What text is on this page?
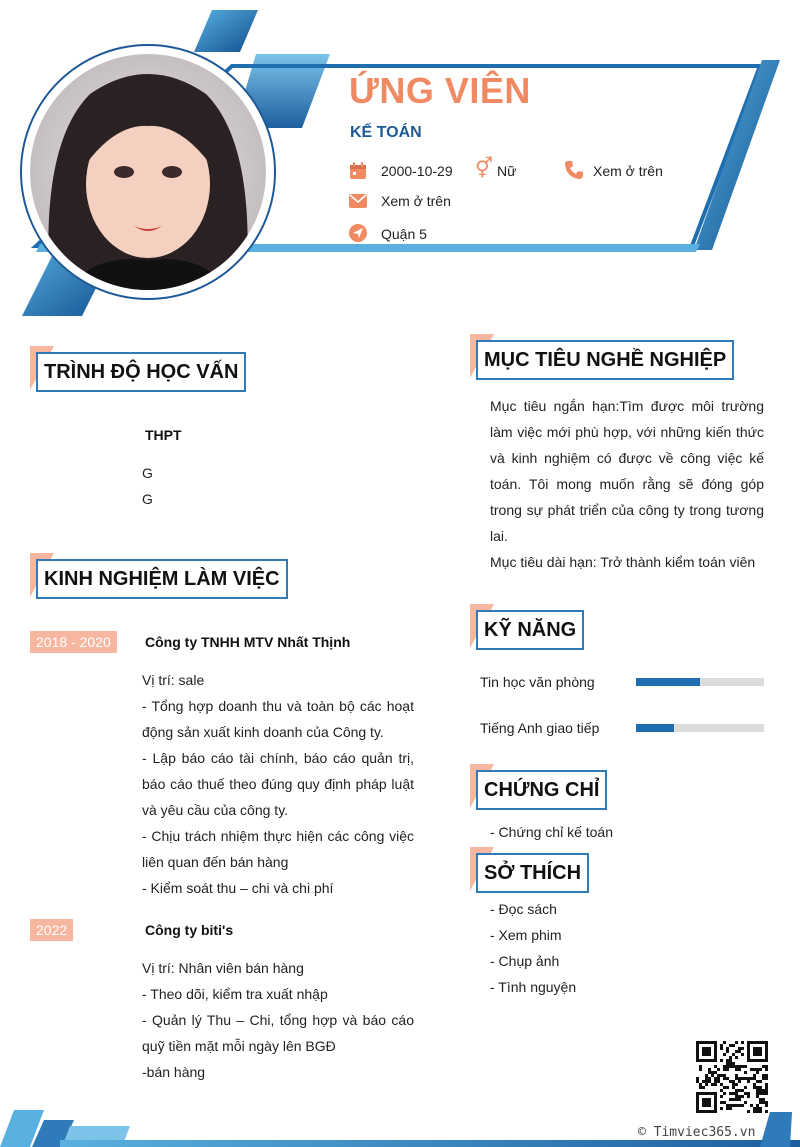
ỨNG VIÊN
KẾ TOÁN
2000-10-29 ⚥ Nữ	Xem ở trên
Xem ở trên
Quận 5
TRÌNH ĐỘ HỌC VẤN
THPT
G
G
KINH NGHIỆM LÀM VIỆC
2018 - 2020	Công ty TNHH MTV Nhất Thịnh
Vị trí: sale
- Tổng hợp doanh thu và toàn bộ các hoạt động sản xuất kinh doanh của Công ty.
- Lập báo cáo tài chính, báo cáo quản trị, báo cáo thuế theo đúng quy định pháp luật và yêu cầu của công ty.
- Chịu trách nhiệm thực hiện các công việc liên quan đến bán hàng
- Kiểm soát thu – chi và chi phí
2022	Công ty biti's
Vị trí: Nhân viên bán hàng
- Theo dõi, kiểm tra xuất nhập
- Quản lý Thu – Chi, tổng hợp và báo cáo quỹ tiền mặt mỗi ngày lên BGĐ
-bán hàng
MỤC TIÊU NGHỀ NGHIỆP
Mục tiêu ngắn hạn:Tìm được môi trường làm việc mới phù hợp, với những kiến thức và kinh nghiệm có được về công việc kế toán. Tôi mong muốn rằng sẽ đóng góp trong sự phát triển của công ty trong tương lai.
Mục tiêu dài hạn: Trở thành kiểm toán viên
KỸ NĂNG
Tin học văn phòng
Tiếng Anh giao tiếp
CHỨNG CHỈ
- Chứng chỉ kế toán
SỞ THÍCH
- Đọc sách
- Xem phim
- Chụp ảnh
- Tình nguyện
© Timviec365.vn
